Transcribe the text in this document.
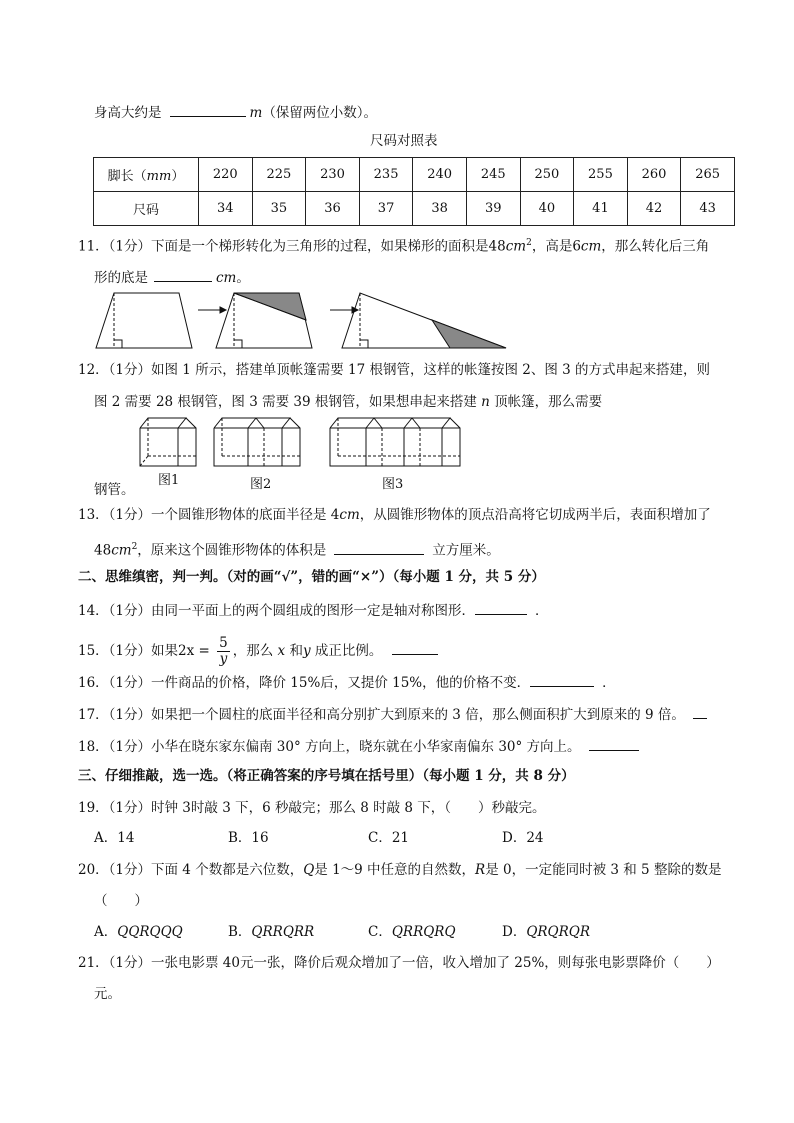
身高大约是	m（保留两位小数）。
尺码对照表
脚长（mm）	220	225	230	235	240	245	250	255	260	265
尺码	34	35	36	37	38	39	40	41	42	43
11．（1分）下面是一个梯形转化为三角形的过程，如果梯形的面积是$48cm^2$，高是6cm，那么转化后三角
形的底是	cm。
12．（1分）如图 1 所示，搭建单顶帐篷需要 17 根钢管，这样的帐篷按图 2、图 3 的方式串起来搭建，则
图 2 需要 28 根钢管，图 3 需要 39 根钢管，如果想串起来搭建 n 顶帐篷，那么需要
图1	图2	图3
钢管。
13．（1分）一个圆锥形物体的底面半径是 4cm，从圆锥形物体的顶点沿高将它切成两半后，表面积增加了
$48cm^2$，原来这个圆锥形物体的体积是	立方厘米。
二、思维缜密，判一判。（对的画“√”，错的画“×”）（每小题 1 分，共 5 分）
14．（1分）由同一平面上的两个圆组成的图形一定是轴对称图形．	．
15．（1分）如果$2x = \frac{5}{y}$ ，那么 x 和y 成正比例。
16．（1分）一件商品的价格，降价 15%后，又提价 15%，他的价格不变．	．
17．（1分）如果把一个圆柱的底面半径和高分别扩大到原来的 3 倍，那么侧面积扩大到原来的 9 倍。
18．（1分）小华在晓东家东偏南 30° 方向上，晓东就在小华家南偏东 30° 方向上。
三、仔细推敲，选一选。（将正确答案的序号填在括号里）（每小题 1 分，共 8 分）
19．（1分）时钟 3时敲 3 下，6 秒敲完；那么 8 时敲 8 下，（　　）秒敲完。
A．14	B．16	C．21	D．24
20．（1分）下面 4 个数都是六位数，Q是 1～9 中任意的自然数，R是 0，一定能同时被 3 和 5 整除的数是
（　　）
A．QQRQQQ	B．QRRQRR	C．QRRQRQ	D．QRQRQR
21．（1分）一张电影票 40元一张，降价后观众增加了一倍，收入增加了 25%，则每张电影票降价（　　）
元。
